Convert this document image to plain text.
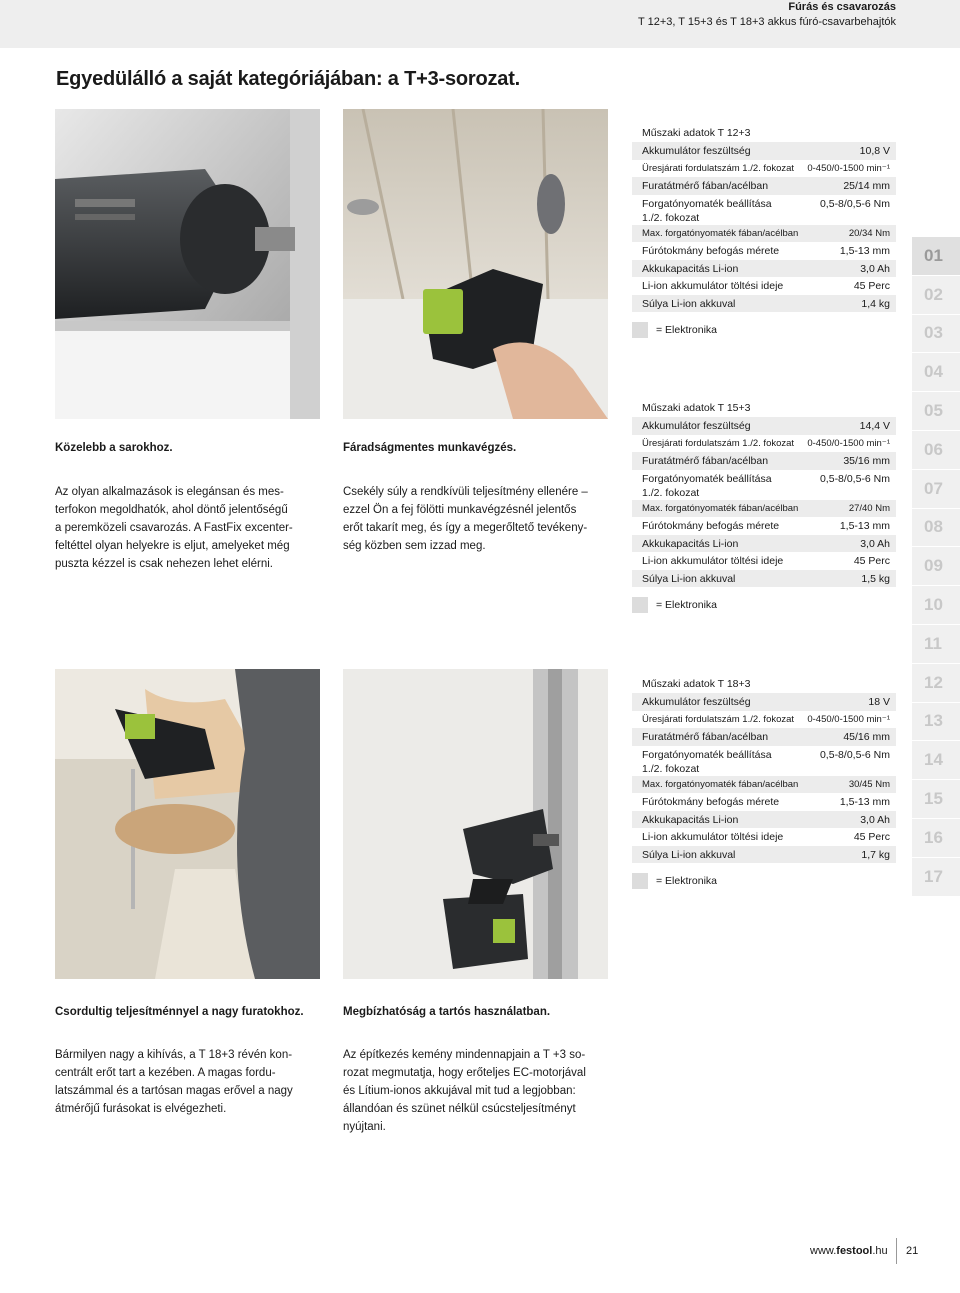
Fúrás és csavarozás
T 12+3, T 15+3 és T 18+3 akkus fúró-csavarbehajtók
Egyedülálló a saját kategóriájában: a T+3-sorozat.
Közelebb a sarokhoz.
Az olyan alkalmazások is elegánsan és mes-
terfokon megoldhatók, ahol döntő jelentőségű
a peremközeli csavarozás. A FastFix excenter-
feltéttel olyan helyekre is eljut, amelyeket még
puszta kézzel is csak nehezen lehet elérni.
Fáradságmentes munkavégzés.
Csekély súly a rendkívüli teljesítmény ellenére –
ezzel Ön a fej fölötti munkavégzésnél jelentős
erőt takarít meg, és így a megerőltető tevékeny-
ség közben sem izzad meg.
Csordultig teljesítménnyel a nagy furatokhoz.
Bármilyen nagy a kihívás, a T 18+3 révén kon-
centrált erőt tart a kezében. A magas fordu-
latszámmal és a tartósan magas erővel a nagy
átmérőjű furásokat is elvégezheti.
Megbízhatóság a tartós használatban.
Az építkezés kemény mindennapjain a T +3 so-
rozat megmutatja, hogy erőteljes EC-motorjával
és Lítium-ionos akkujával mit tud a legjobban:
állandóan és szünet nélkül csúcsteljesítményt
nyújtani.
Műszaki adatok T 12+3
Akkumulátor feszültség	10,8 V
Üresjárati fordulatszám 1./2. fokozat 0-450/0-1500 min⁻¹
Furatátmérő fában/acélban	25/14 mm
Forgatónyomaték beállítása
1./2. fokozat
0,5-8/0,5-6 Nm
Max. forgatónyomaték fában/acélban	20/34 Nm
Fúrótokmány befogás mérete	1,5-13 mm
Akkukapacitás Li-ion	3,0 Ah
Li-ion akkumulátor töltési ideje	45 Perc
Súlya Li-ion akkuval	1,4 kg
= Elektronika
Műszaki adatok T 15+3
Akkumulátor feszültség	14,4 V
Üresjárati fordulatszám 1./2. fokozat 0-450/0-1500 min⁻¹
Furatátmérő fában/acélban	35/16 mm
Forgatónyomaték beállítása
1./2. fokozat
0,5-8/0,5-6 Nm
Max. forgatónyomaték fában/acélban	27/40 Nm
Fúrótokmány befogás mérete	1,5-13 mm
Akkukapacitás Li-ion	3,0 Ah
Li-ion akkumulátor töltési ideje	45 Perc
Súlya Li-ion akkuval	1,5 kg
= Elektronika
Műszaki adatok T 18+3
Akkumulátor feszültség	18 V
Üresjárati fordulatszám 1./2. fokozat 0-450/0-1500 min⁻¹
Furatátmérő fában/acélban	45/16 mm
Forgatónyomaték beállítása
1./2. fokozat
0,5-8/0,5-6 Nm
Max. forgatónyomaték fában/acélban	30/45 Nm
Fúrótokmány befogás mérete	1,5-13 mm
Akkukapacitás Li-ion	3,0 Ah
Li-ion akkumulátor töltési ideje	45 Perc
Súlya Li-ion akkuval	1,7 kg
= Elektronika
01
02
03
04
05
06
07
08
09
10
11
12
13
14
15
16
17
www.festool.hu 21
